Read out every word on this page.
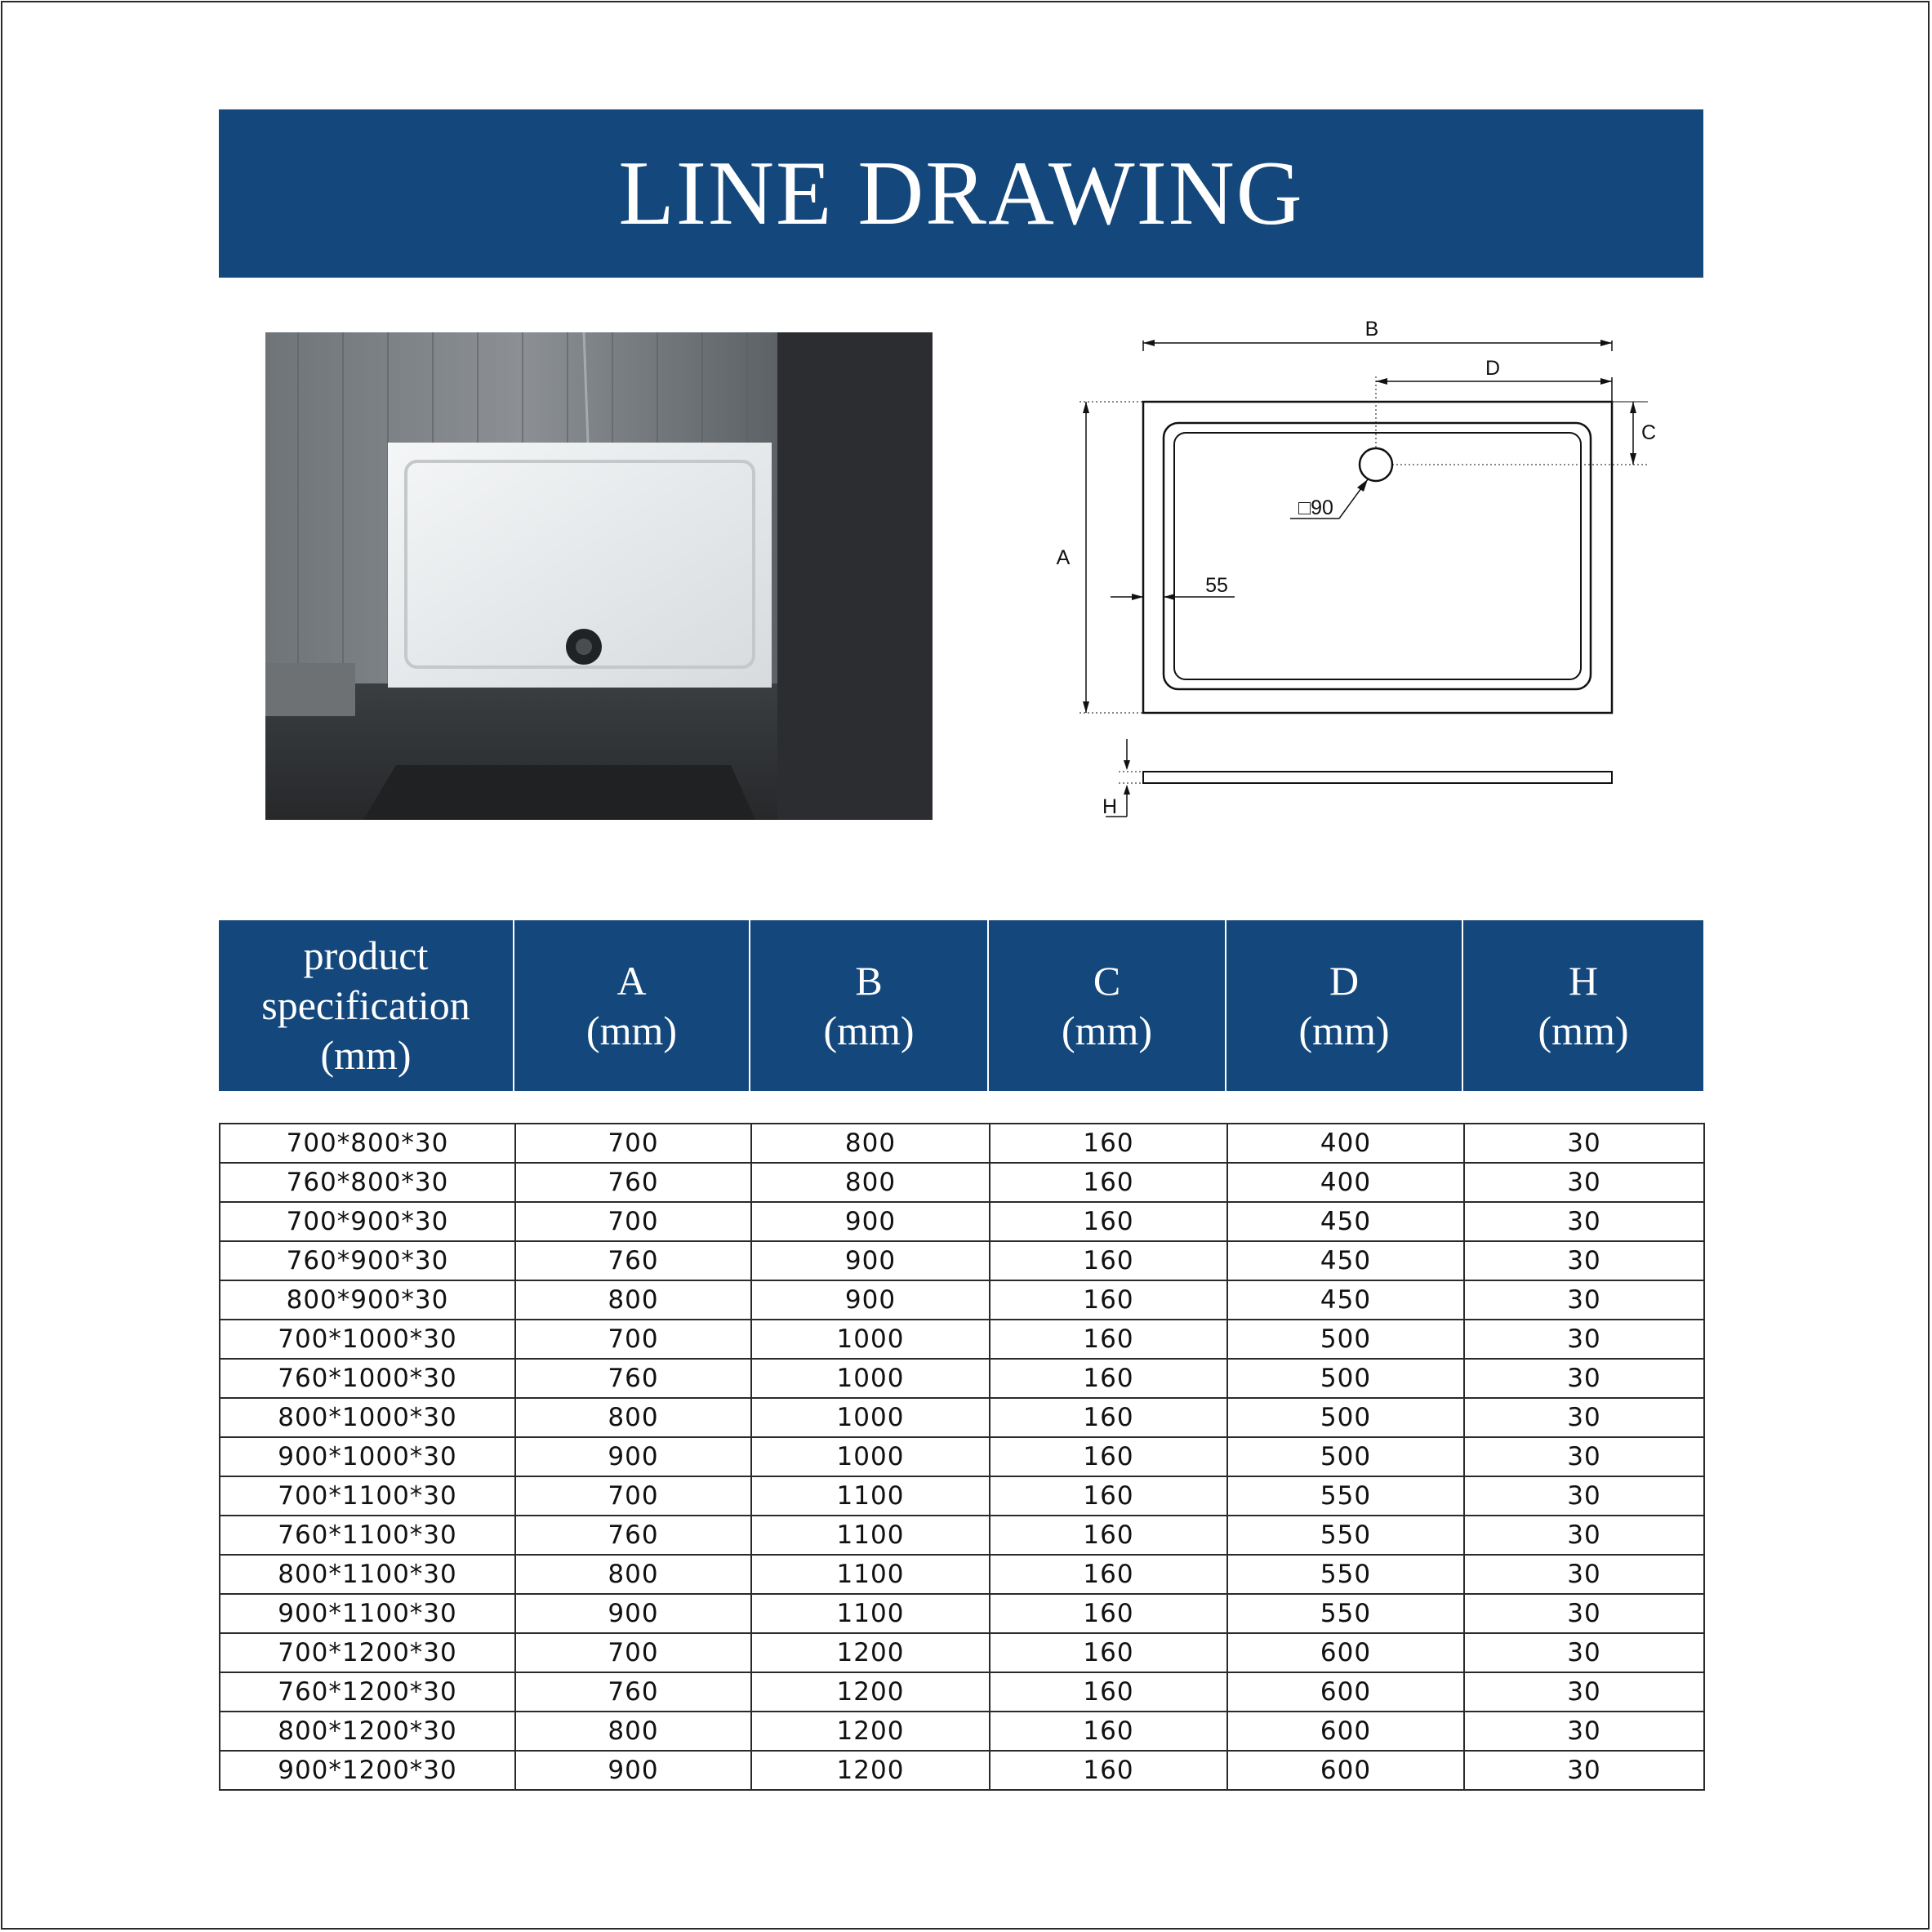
LINE DRAWING
B
D
C
A
□90
55
H
product
specification
(mm)
A
(mm)
B
(mm)
C
(mm)
D
(mm)
H
(mm)
700*800*30	700	800	160	400	30
760*800*30	760	800	160	400	30
700*900*30	700	900	160	450	30
760*900*30	760	900	160	450	30
800*900*30	800	900	160	450	30
700*1000*30	700	1000	160	500	30
760*1000*30	760	1000	160	500	30
800*1000*30	800	1000	160	500	30
900*1000*30	900	1000	160	500	30
700*1100*30	700	1100	160	550	30
760*1100*30	760	1100	160	550	30
800*1100*30	800	1100	160	550	30
900*1100*30	900	1100	160	550	30
700*1200*30	700	1200	160	600	30
760*1200*30	760	1200	160	600	30
800*1200*30	800	1200	160	600	30
900*1200*30	900	1200	160	600	30
